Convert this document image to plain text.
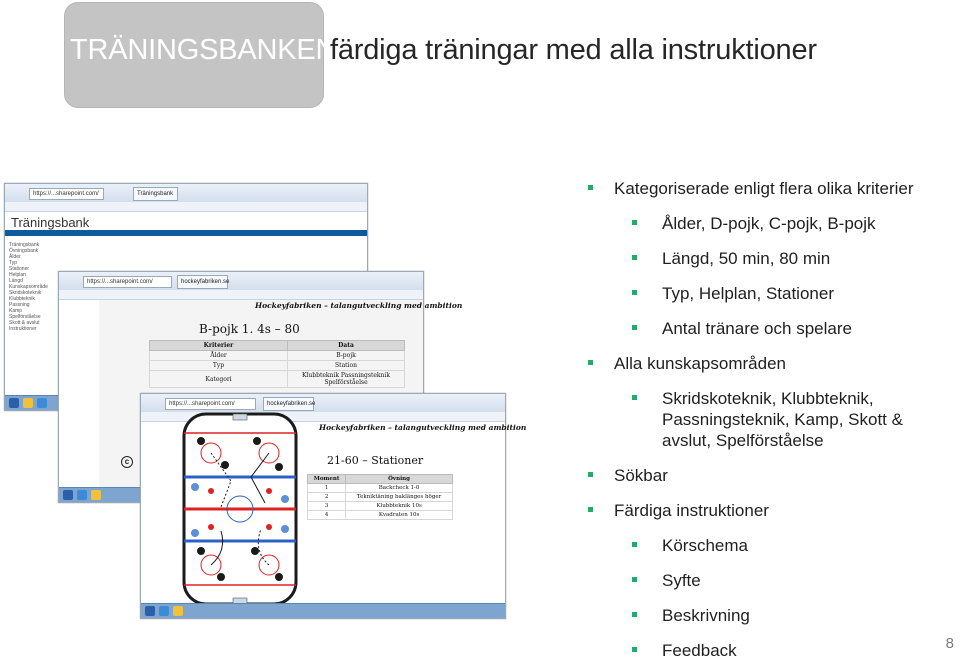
TRÄNINGSBANKEN
färdiga träningar med alla instruktioner
https://...sharepoint.com/	Träningsbank
Träningsbank
Träningsbank
Övningsbank
Ålder
Typ
Stationer
Helplan
Längd
Kunskapsområde
Skridskoteknik
Klubbteknik
Passning
Kamp
Spelförståelse
Skott & avslut
Instruktioner
https://...sharepoint.com/	hockeyfabriken.se
Hockeyfabriken – talangutveckling med ambition
B-pojk 1. 4s – 80
Kriterier	Data
Ålder	B-pojk
Typ	Station
Kategori	Klubbteknik Passningsteknik Spelförståelse
c
https://...sharepoint.com/	hockeyfabriken.se
Hockeyfabriken – talangutveckling med ambition
21-60 – Stationer
Moment	Övning
1	Backcheck 1-0
2	Tekniktäning baklänges höger
3	Klubbteknik 10s
4	Kvadraten 10s
Kategoriserade enligt flera olika kriterier
Ålder, D-pojk, C-pojk, B-pojk
Längd, 50 min, 80 min
Typ, Helplan, Stationer
Antal tränare och spelare
Alla kunskapsområden
Skridskoteknik, Klubbteknik, Passningsteknik, Kamp, Skott & avslut, Spelförståelse
Sökbar
Färdiga instruktioner
Körschema
Syfte
Beskrivning
Feedback	8
